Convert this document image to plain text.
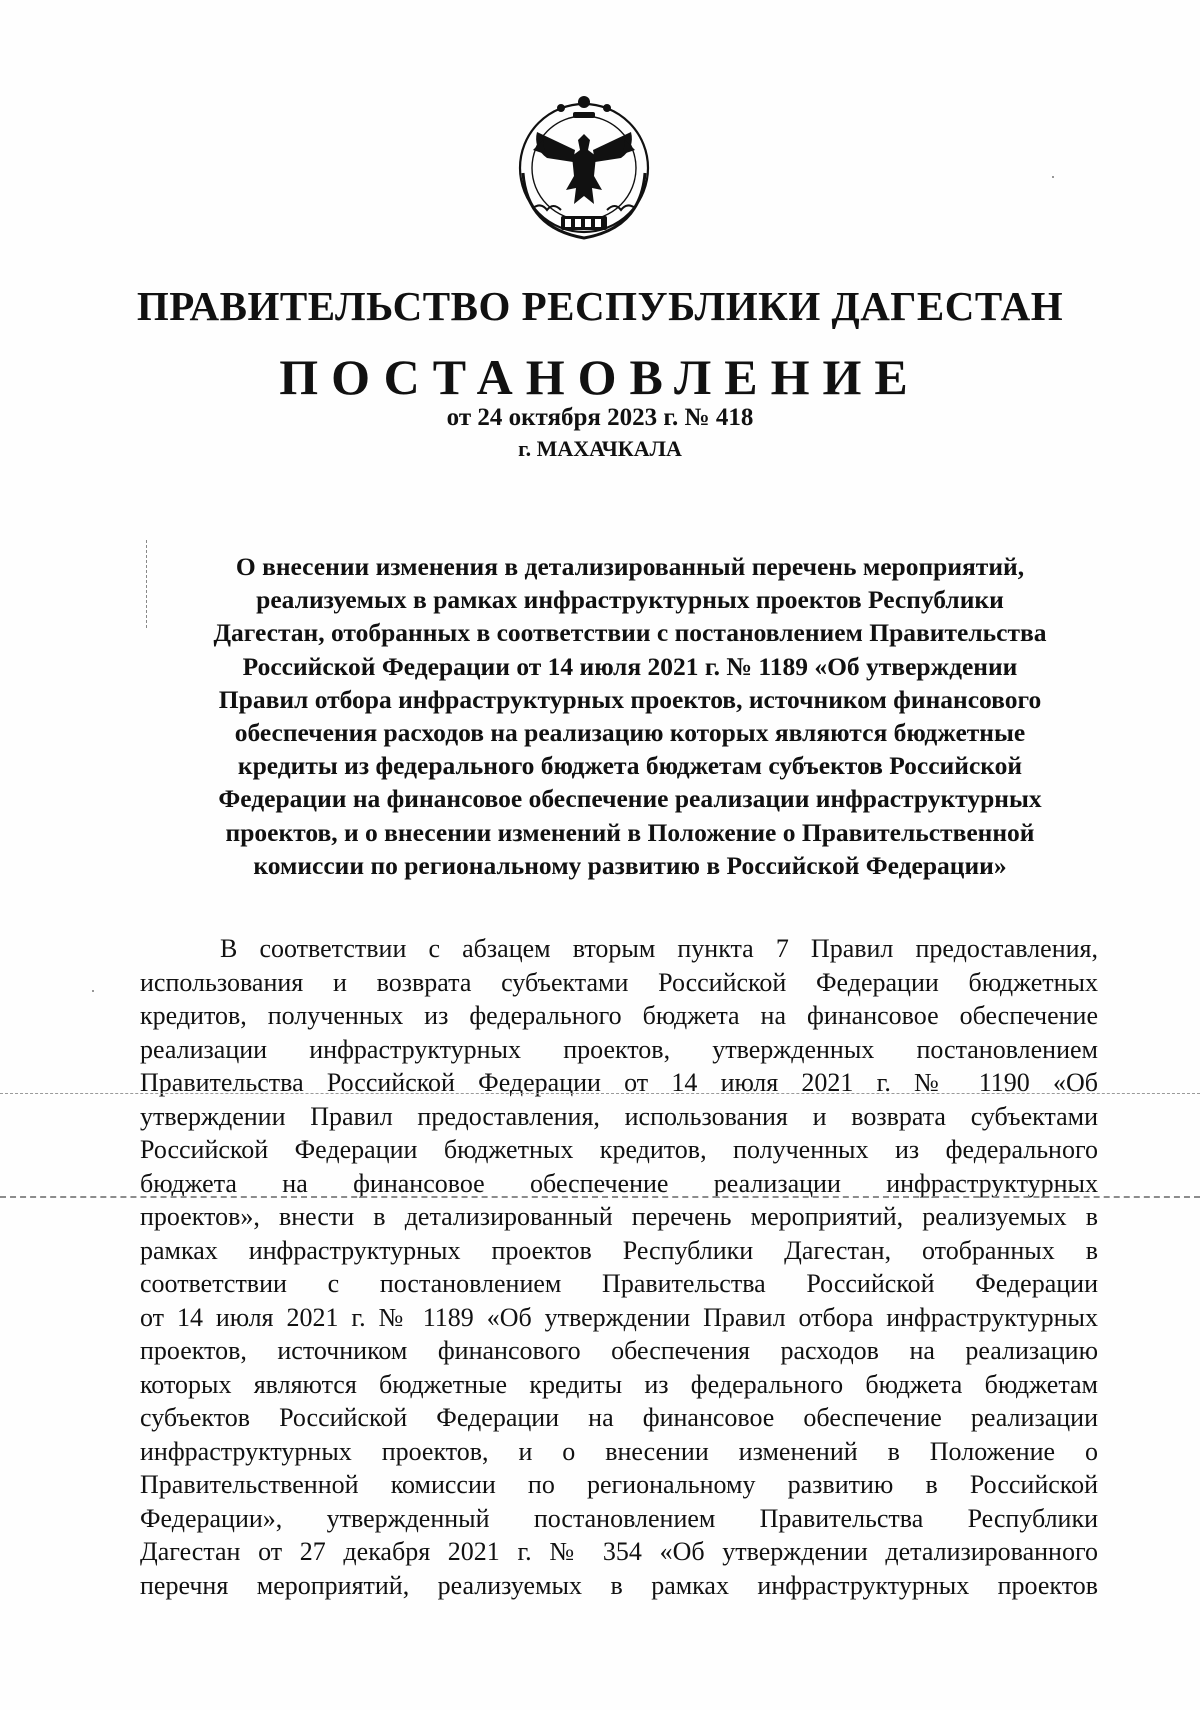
ПРАВИТЕЛЬСТВО РЕСПУБЛИКИ ДАГЕСТАН
ПОСТАНОВЛЕНИЕ
от 24 октября 2023 г. № 418
г. МАХАЧКАЛА
О внесении изменения в детализированный перечень мероприятий,
реализуемых в рамках инфраструктурных проектов Республики
Дагестан, отобранных в соответствии с постановлением Правительства
Российской Федерации от 14 июля 2021 г. № 1189 «Об утверждении
Правил отбора инфраструктурных проектов, источником финансового
обеспечения расходов на реализацию которых являются бюджетные
кредиты из федерального бюджета бюджетам субъектов Российской
Федерации на финансовое обеспечение реализации инфраструктурных
проектов, и о внесении изменений в Положение о Правительственной
комиссии по региональному развитию в Российской Федерации»
В соответствии с абзацем вторым пункта 7 Правил предоставления,
использования и возврата субъектами Российской Федерации бюджетных
кредитов, полученных из федерального бюджета на финансовое обеспечение
реализации инфраструктурных проектов, утвержденных постановлением
Правительства Российской Федерации от 14 июля 2021 г. № 1190 «Об
утверждении Правил предоставления, использования и возврата субъектами
Российской Федерации бюджетных кредитов, полученных из федерального
бюджета на финансовое обеспечение реализации инфраструктурных
проектов», внести в детализированный перечень мероприятий, реализуемых в
рамках инфраструктурных проектов Республики Дагестан, отобранных в
соответствии с постановлением Правительства Российской Федерации
от 14 июля 2021 г. № 1189 «Об утверждении Правил отбора инфраструктурных
проектов, источником финансового обеспечения расходов на реализацию
которых являются бюджетные кредиты из федерального бюджета бюджетам
субъектов Российской Федерации на финансовое обеспечение реализации
инфраструктурных проектов, и о внесении изменений в Положение о
Правительственной комиссии по региональному развитию в Российской
Федерации», утвержденный постановлением Правительства Республики
Дагестан от 27 декабря 2021 г. № 354 «Об утверждении детализированного
перечня мероприятий, реализуемых в рамках инфраструктурных проектов
